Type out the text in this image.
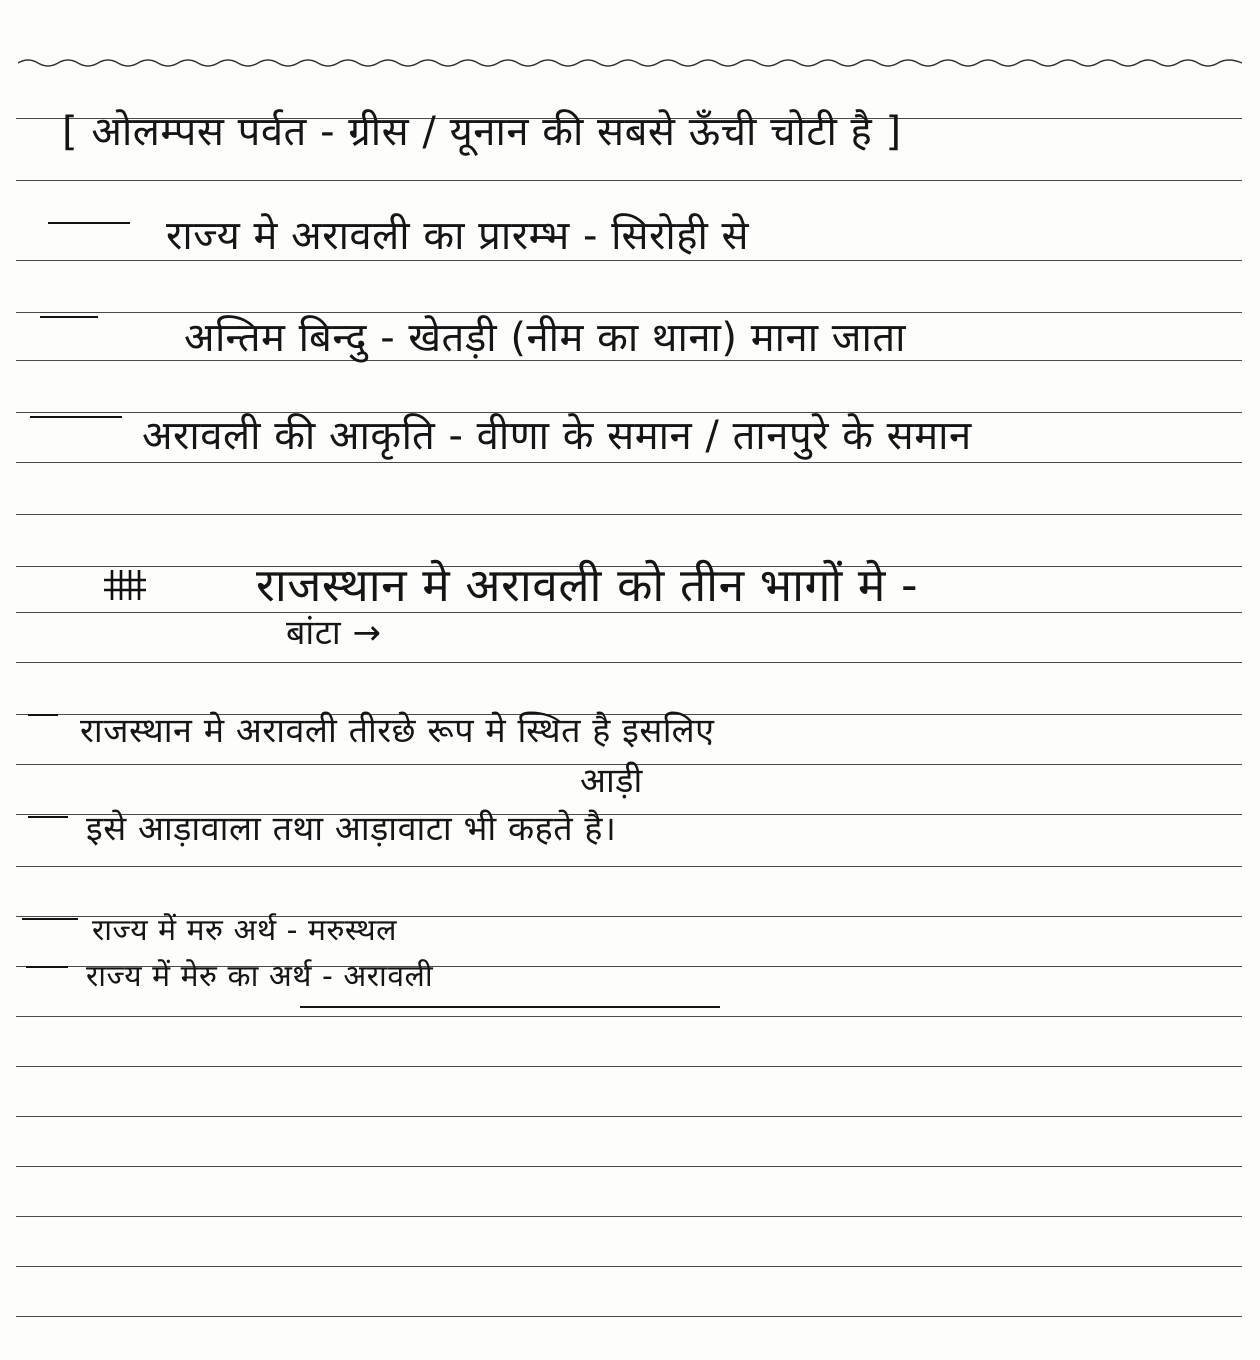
[ ओलम्पस पर्वत - ग्रीस / यूनान की सबसे ऊँची चोटी है ]
राज्य मे अरावली का प्रारम्भ - सिरोही से
अन्तिम बिन्दु - खेतड़ी (नीम का थाना) माना जाता
अरावली की आकृति - वीणा के समान / तानपुरे के समान
राजस्थान मे अरावली को तीन भागों मे -
बांटा →
राजस्थान मे अरावली तीरछे रूप मे स्थित है इसलिए
आड़ी
इसे आड़ावाला तथा आड़ावाटा भी कहते है।
राज्य में मरु अर्थ - मरुस्थल
राज्य में मेरु का अर्थ - अरावली
